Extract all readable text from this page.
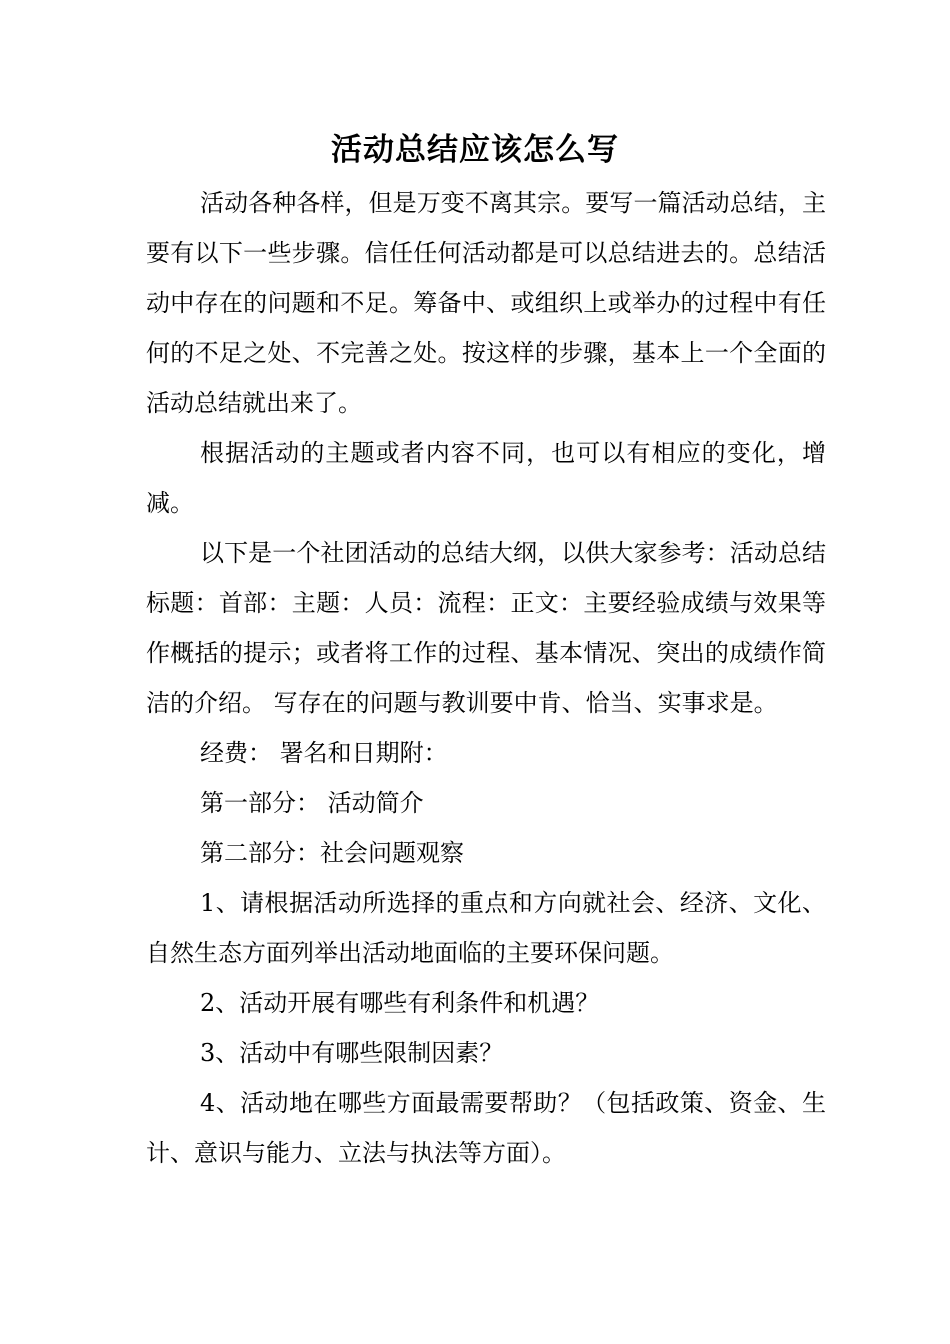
活动总结应该怎么写

活动各种各样，但是万变不离其宗。要写一篇活动总结，主要有以下一些步骤。信任任何活动都是可以总结进去的。总结活动中存在的问题和不足。筹备中、或组织上或举办的过程中有任何的不足之处、不完善之处。按这样的步骤，基本上一个全面的活动总结就出来了。

根据活动的主题或者内容不同，也可以有相应的变化，增减。

以下是一个社团活动的总结大纲，以供大家参考：活动总结标题：首部：主题：人员：流程：正文：主要经验成绩与效果等作概括的提示；或者将工作的过程、基本情况、突出的成绩作简洁的介绍。 写存在的问题与教训要中肯、恰当、实事求是。

经费： 署名和日期附：

第一部分： 活动简介

第二部分：社会问题观察

1、请根据活动所选择的重点和方向就社会、经济、文化、自然生态方面列举出活动地面临的主要环保问题。

2、活动开展有哪些有利条件和机遇？

3、活动中有哪些限制因素？

4、活动地在哪些方面最需要帮助？（包括政策、资金、生计、意识与能力、立法与执法等方面）。
